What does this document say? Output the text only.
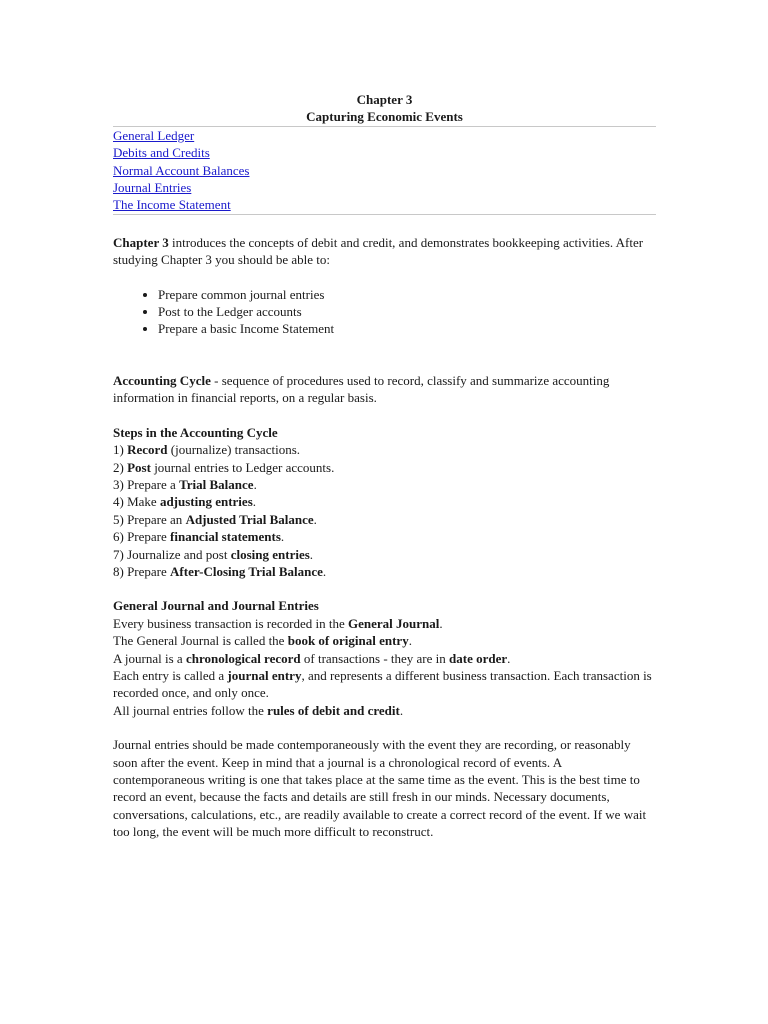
Chapter 3
Capturing Economic Events
General Ledger
Debits and Credits
Normal Account Balances
Journal Entries
The Income Statement

Chapter 3 introduces the concepts of debit and credit, and demonstrates bookkeeping activities. After studying Chapter 3 you should be able to:

• Prepare common journal entries
• Post to the Ledger accounts
• Prepare a basic Income Statement

Accounting Cycle - sequence of procedures used to record, classify and summarize accounting information in financial reports, on a regular basis.

Steps in the Accounting Cycle
1) Record (journalize) transactions.
2) Post journal entries to Ledger accounts.
3) Prepare a Trial Balance.
4) Make adjusting entries.
5) Prepare an Adjusted Trial Balance.
6) Prepare financial statements.
7) Journalize and post closing entries.
8) Prepare After-Closing Trial Balance.
General Journal and Journal Entries
Every business transaction is recorded in the General Journal.
The General Journal is called the book of original entry.
A journal is a chronological record of transactions - they are in date order.
Each entry is called a journal entry, and represents a different business transaction. Each transaction is recorded once, and only once.
All journal entries follow the rules of debit and credit.

Journal entries should be made contemporaneously with the event they are recording, or reasonably soon after the event. Keep in mind that a journal is a chronological record of events. A contemporaneous writing is one that takes place at the same time as the event. This is the best time to record an event, because the facts and details are still fresh in our minds. Necessary documents, conversations, calculations, etc., are readily available to create a correct record of the event. If we wait too long, the event will be much more difficult to reconstruct.
